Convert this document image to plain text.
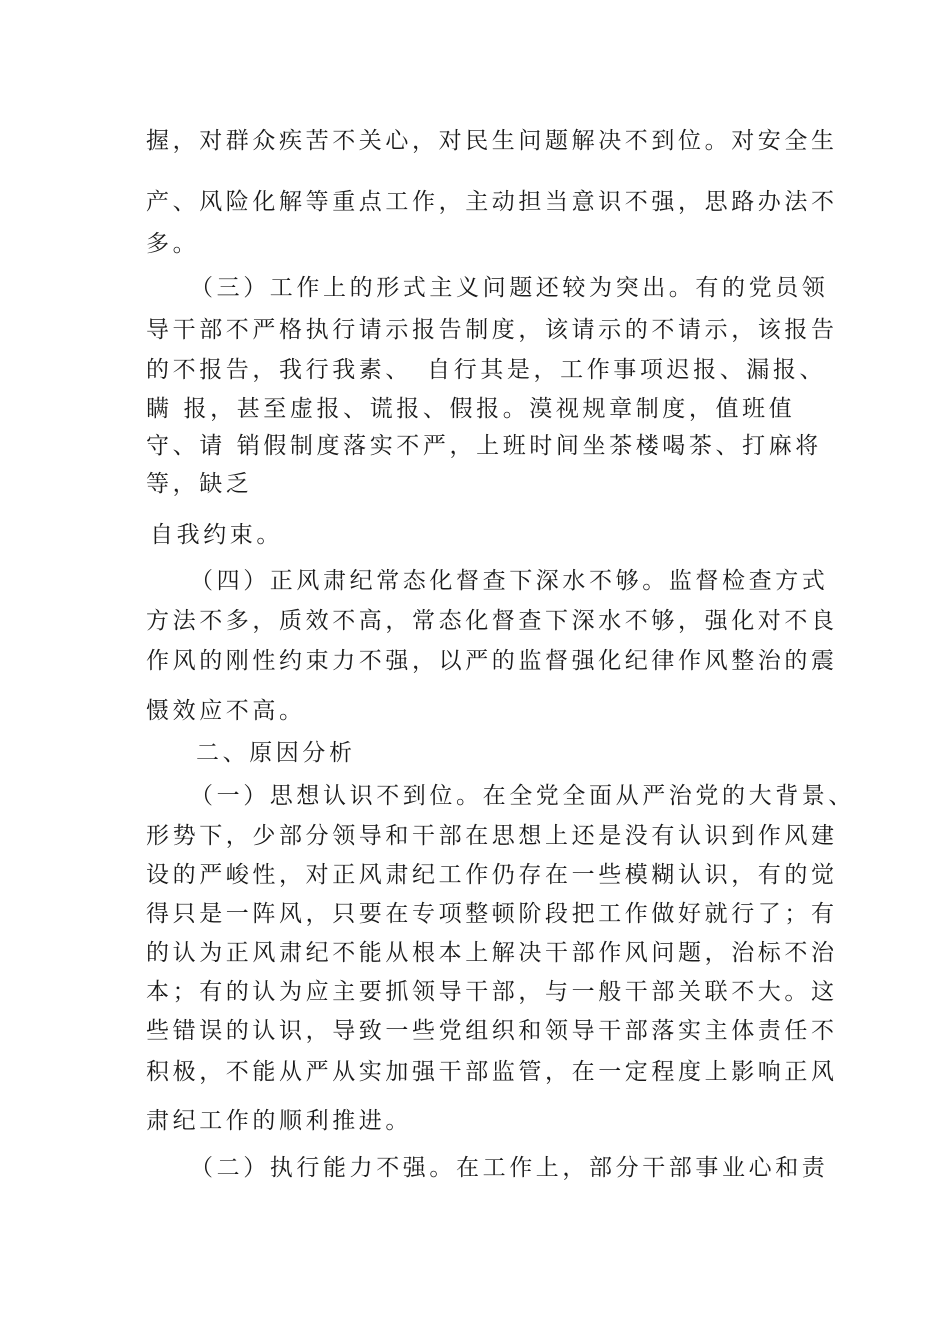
握，对群众疾苦不关心，对民生问题解决不到位。对安全生
产、风险化解等重点工作，主动担当意识不强，思路办法不
多。
（三）工作上的形式主义问题还较为突出。有的党员领
导干部不严格执行请示报告制度，该请示的不请示，该报告
的不报告，我行我素、　自行其是，工作事项迟报、漏报、
瞒 报，甚至虚报、谎报、假报。漠视规章制度，值班值
守、请 销假制度落实不严，上班时间坐茶楼喝茶、打麻将
等，缺乏
自我约束。
（四）正风肃纪常态化督查下深水不够。监督检查方式
方法不多，质效不高，常态化督查下深水不够，强化对不良
作风的刚性约束力不强，以严的监督强化纪律作风整治的震
慑效应不高。
二、原因分析
（一）思想认识不到位。在全党全面从严治党的大背景、
形势下，少部分领导和干部在思想上还是没有认识到作风建
设的严峻性，对正风肃纪工作仍存在一些模糊认识，有的觉
得只是一阵风，只要在专项整顿阶段把工作做好就行了；有
的认为正风肃纪不能从根本上解决干部作风问题，治标不治
本；有的认为应主要抓领导干部，与一般干部关联不大。这
些错误的认识，导致一些党组织和领导干部落实主体责任不
积极，不能从严从实加强干部监管，在一定程度上影响正风
肃纪工作的顺利推进。
（二）执行能力不强。在工作上，部分干部事业心和责
